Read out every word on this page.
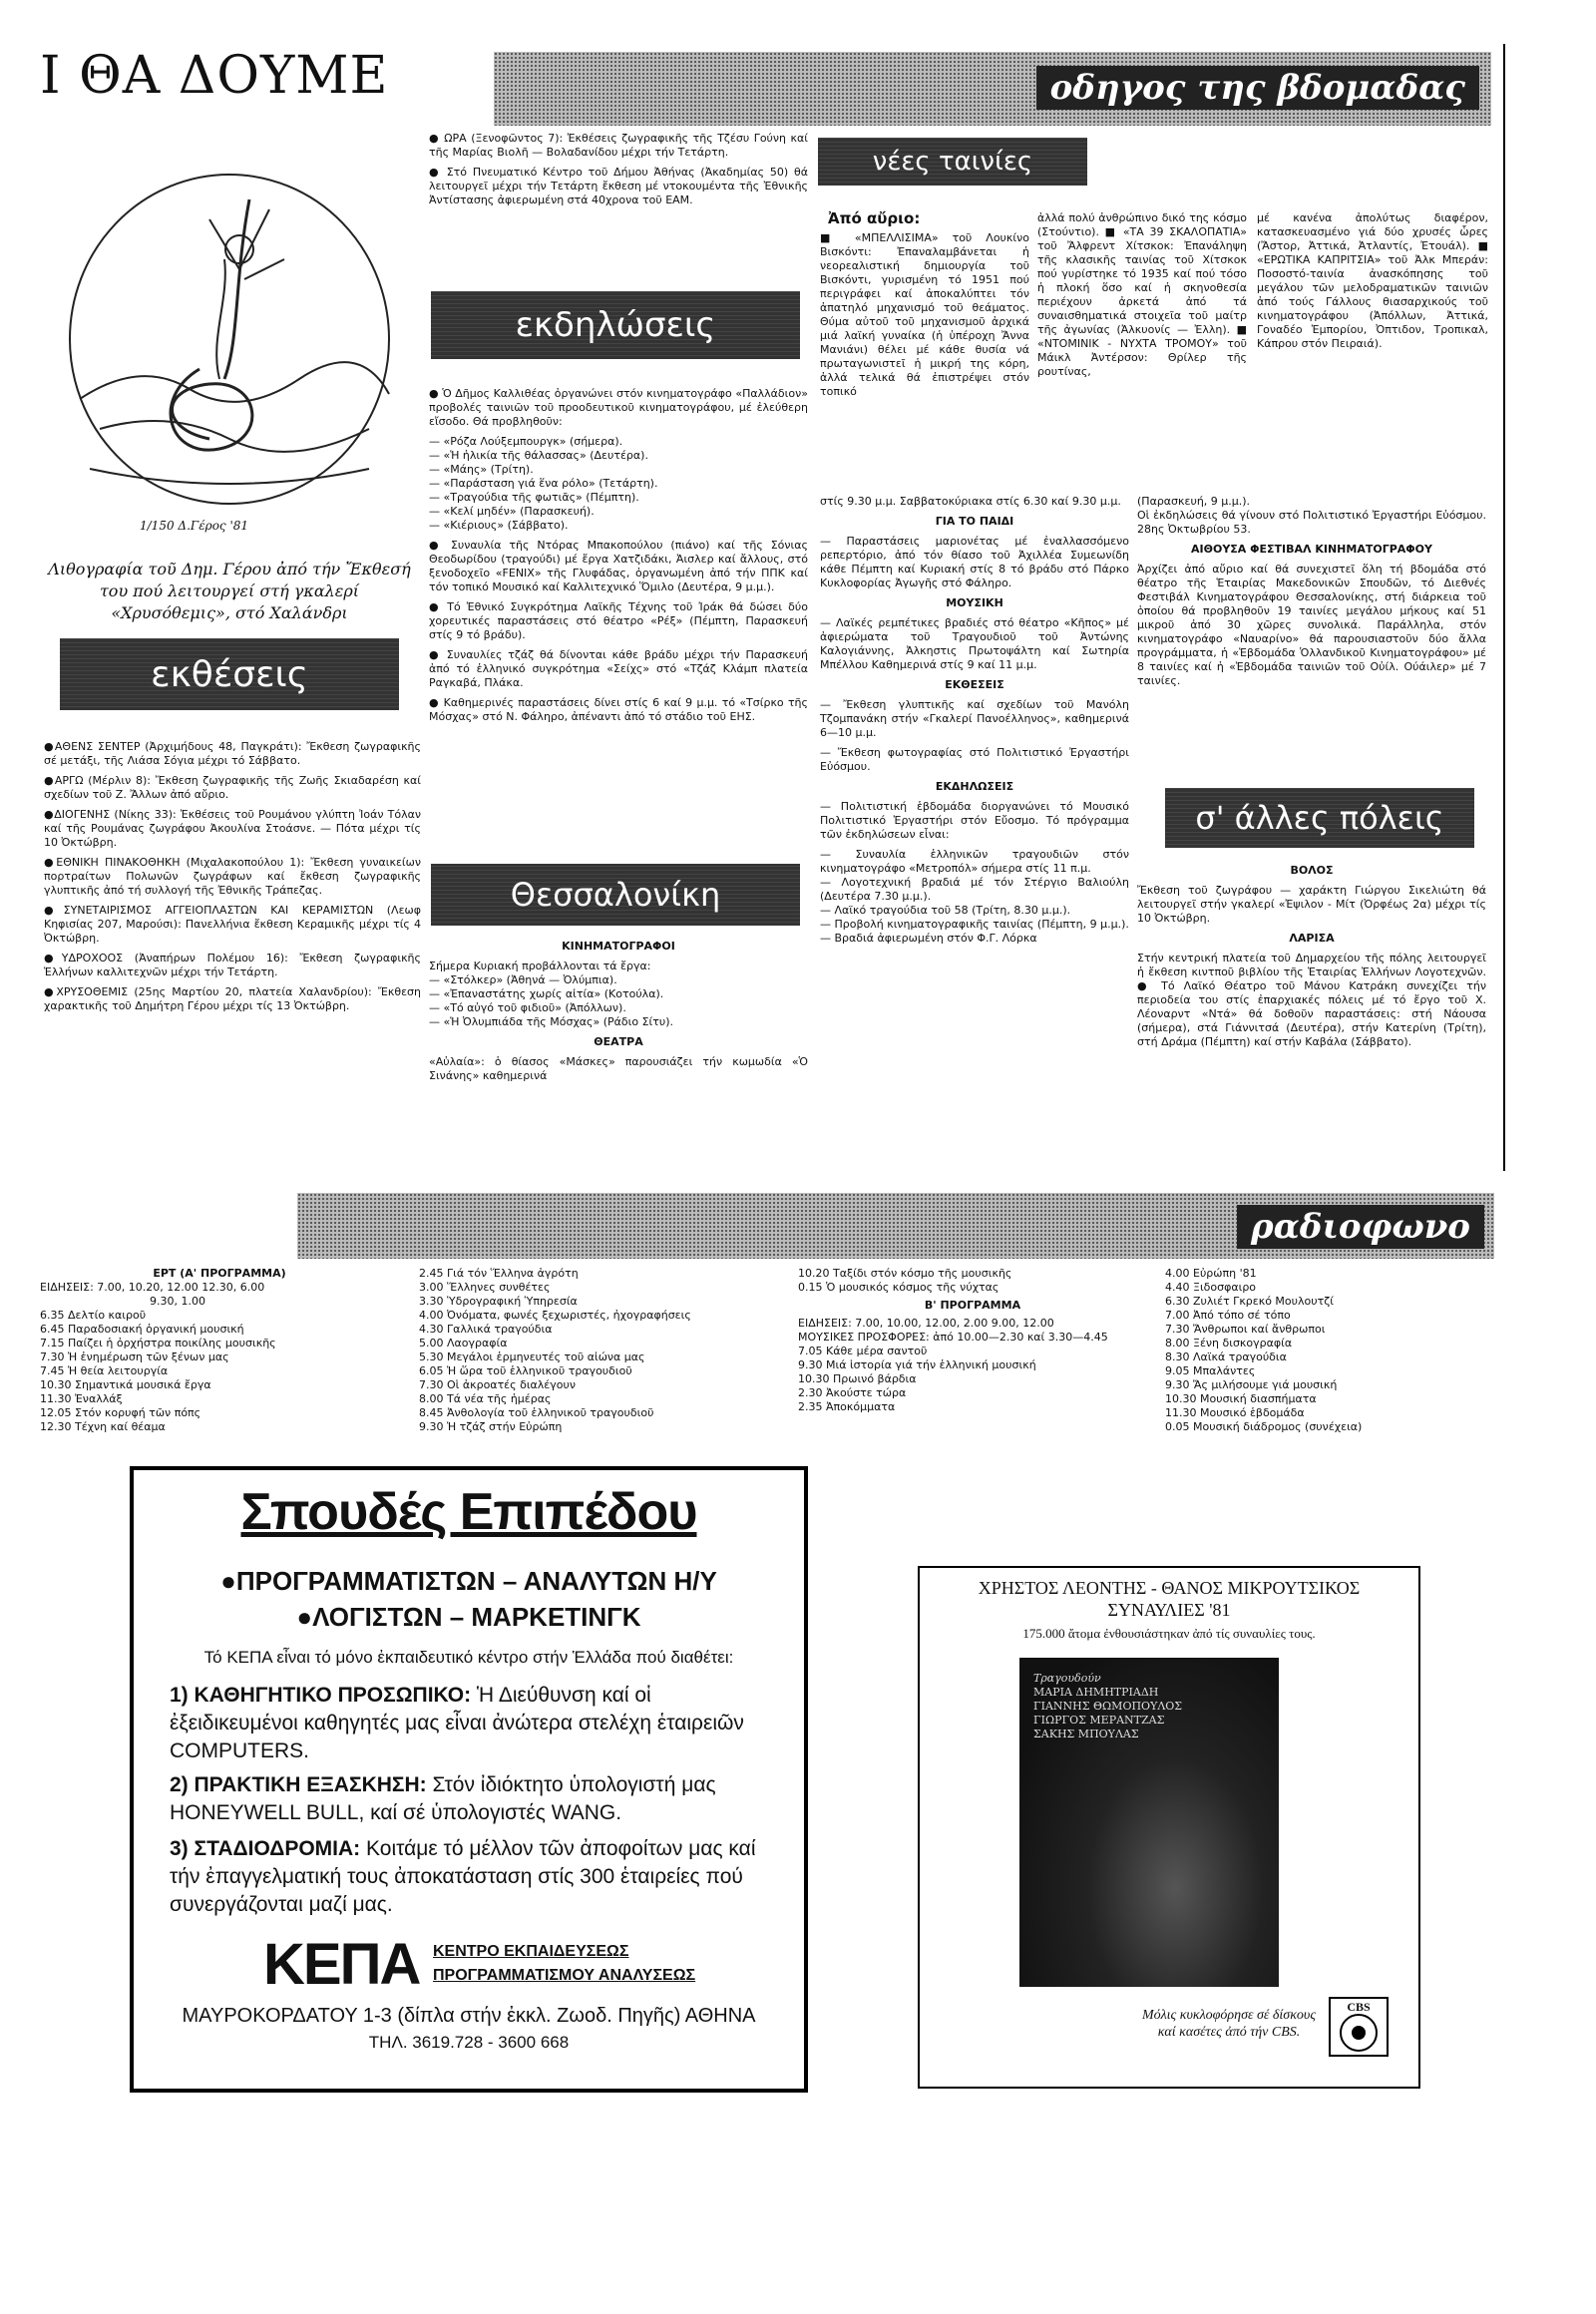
Ι ΘΑ ΔΟΥΜΕ	οδηγος της βδομαδας
1/150 Δ.Γέρος '81
Λιθογραφία τοῦ Δημ. Γέρου ἀπό τήν Ἔκθεσή του πού λειτουργεί στή γκαλερί «Χρυσόθεμις», στό Χαλάνδρι
εκθέσεις

● ΑΘΕΝΣ ΣΕΝΤΕΡ (Ἀρχιμήδους 48, Παγκράτι): Ἔκθεση ζωγραφικῆς σέ μετάξι, τῆς Λιάσα Σόγια μέχρι τό Σάββατο.

● ΑΡΓΩ (Μέρλιν 8): Ἔκθεση ζωγραφικῆς τῆς Ζωῆς Σκιαδαρέση καί σχεδίων τοῦ Ζ. Ἄλλων ἀπό αὔριο.

● ΔΙΟΓΕΝΗΣ (Νίκης 33): Ἐκθέσεις τοῦ Ρουμάνου γλύπτη Ἰοάν Τόλαν καί τῆς Ρουμάνας ζωγράφου Ἀκουλίνα Στοάσνε. — Πότα μέχρι τίς 10 Ὀκτώβρη.

● ΕΘΝΙΚΗ ΠΙΝΑΚΟΘΗΚΗ (Μιχαλακοπούλου 1): Ἔκθεση γυναικείων πορτραίτων Πολωνῶν ζωγράφων καί ἔκθεση ζωγραφικῆς γλυπτικῆς ἀπό τή συλλογή τῆς Ἐθνικῆς Τράπεζας.

● ΣΥΝΕΤΑΙΡΙΣΜΟΣ ΑΓΓΕΙΟΠΛΑΣΤΩΝ ΚΑΙ ΚΕΡΑΜΙΣΤΩΝ (Λεωφ Κηφισίας 207, Μαρούσι): Πανελλήνια ἔκθεση Κεραμικῆς μέχρι τίς 4 Ὀκτώβρη.

● ΥΔΡΟΧΟΟΣ (Ἀναπήρων Πολέμου 16): Ἔκθεση ζωγραφικῆς Ἑλλήνων καλλιτεχνῶν μέχρι τήν Τετάρτη.

● ΧΡΥΣΟΘΕΜΙΣ (25ης Μαρτίου 20, πλατεία Χαλανδρίου): Ἔκθεση χαρακτικῆς τοῦ Δημήτρη Γέρου μέχρι τίς 13 Ὀκτώβρη.

● ΩΡΑ (Ξενοφῶντος 7): Ἐκθέσεις ζωγραφικῆς τῆς Τζέσυ Γούνη καί τῆς Μαρίας Βιολῆ — Βολαδανίδου μέχρι τήν Τετάρτη.

● Στό Πνευματικό Κέντρο τοῦ Δήμου Ἀθήνας (Ἀκαδημίας 50) θά λειτουργεῖ μέχρι τήν Τετάρτη ἔκθεση μέ ντοκουμέντα τῆς Ἐθνικῆς Ἀντίστασης ἀφιερωμένη στά 40χρονα τοῦ ΕΑΜ.

εκδηλώσεις

● Ὁ Δῆμος Καλλιθέας ὀργανώνει στόν κινηματογράφο «Παλλάδιον» προβολές ταινιῶν τοῦ προοδευτικοῦ κινηματογράφου, μέ ἐλεύθερη εἴσοδο. Θά προβληθοῦν:

— «Ρόζα Λούξεμπουργκ» (σήμερα).

— «Ἡ ἡλικία τῆς θάλασσας» (Δευτέρα).

— «Μάης» (Τρίτη).

— «Παράσταση γιά ἕνα ρόλο» (Τετάρτη).

— «Τραγούδια τῆς φωτιᾶς» (Πέμπτη).

— «Κελί μηδέν» (Παρασκευή).

— «Κιέριους» (Σάββατο).

● Συναυλία τῆς Ντόρας Μπακοπούλου (πιάνο) καί τῆς Σόνιας Θεοδωρίδου (τραγούδι) μέ ἔργα Χατζιδάκι, Ἀισλερ καί ἄλλους, στό ξενοδοχεῖο «FENIX» τῆς Γλυφάδας, ὀργανωμένη ἀπό τήν ΠΠΚ καί τόν τοπικό Μουσικό καί Καλλιτεχνικό Ὅμιλο (Δευτέρα, 9 μ.μ.).

● Τό Ἐθνικό Συγκρότημα Λαϊκῆς Τέχνης τοῦ Ἰράκ θά δώσει δύο χορευτικές παραστάσεις στό θέατρο «Ρέξ» (Πέμπτη, Παρασκευή στίς 9 τό βράδυ).

● Συναυλίες τζάζ θά δίνονται κάθε βράδυ μέχρι τήν Παρασκευή ἀπό τό ἑλληνικό συγκρότημα «Σείχς» στό «Τζάζ Κλάμπ πλατεία Ραγκαβά, Πλάκα.

● Καθημερινές παραστάσεις δίνει στίς 6 καί 9 μ.μ. τό «Τσίρκο τῆς Μόσχας» στό Ν. Φάληρο, ἀπέναντι ἀπό τό στάδιο τοῦ ΕΗΣ.

Θεσσαλονίκη

ΚΙΝΗΜΑΤΟΓΡΑΦΟΙ

Σήμερα Κυριακή προβάλλονται τά ἔργα:

— «Στόλκερ» (Ἀθηνά — Ὀλύμπια).

— «Ἐπαναστάτης χωρίς αἰτία» (Κοτούλα).

— «Τό αὐγό τοῦ φιδιοῦ» (Ἀπόλλων).

— «Ἡ Ὀλυμπιάδα τῆς Μόσχας» (Ράδιο Σίτυ).

ΘΕΑΤΡΑ

«Αὐλαία»: ὁ θίασος «Μάσκες» παρουσιάζει τήν κωμωδία «Ὁ Σινάνης» καθημερινά

νέες ταινίες
Ἀπό αὔριο:
■ «ΜΠΕΛΛΙΣΙΜΑ» τοῦ Λουκίνο Βισκόντι: Ἐπαναλαμβάνεται ἡ νεορεαλιστική δημιουργία τοῦ Βισκόντι, γυρισμένη τό 1951 πού περιγράφει καί ἀποκαλύπτει τόν ἀπατηλό μηχανισμό τοῦ θεάματος. Θύμα αὐτοῦ τοῦ μηχανισμοῦ ἀρχικά μιά λαϊκή γυναίκα (ἡ ὑπέροχη Ἄννα Μανιάνι) θέλει μέ κάθε θυσία νά πρωταγωνιστεῖ ἡ μικρή της κόρη, ἀλλά τελικά θά ἐπιστρέψει στόν τοπικό
ἀλλά πολύ ἀνθρώπινο δικό της κόσμο (Στούντιο). ■ «ΤΑ 39 ΣΚΑΛΟΠΑΤΙΑ» τοῦ Ἄλφρεντ Χίτσκοκ: Ἐπανάληψη τῆς κλασικῆς ταινίας τοῦ Χίτσκοκ πού γυρίστηκε τό 1935 καί πού τόσο ἡ πλοκή ὅσο καί ἡ σκηνοθεσία περιέχουν ἀρκετά ἀπό τά συναισθηματικά στοιχεῖα τοῦ μαίτρ τῆς ἀγωνίας (Ἀλκυονίς — Ἐλλη). ■ «ΝΤΟΜΙΝΙΚ - ΝΥΧΤΑ ΤΡΟΜΟΥ» τοῦ Μάικλ Ἀντέρσον: Θρίλερ τῆς ρουτίνας,
μέ κανένα ἀπολύτως διαφέρον, κατασκευασμένο γιά δύο χρυσές ὧρες (Ἄστορ, Ἀττικά, Ἀτλαντίς, Ἐτουάλ). ■ «ΕΡΩΤΙΚΑ ΚΑΠΡΙΤΣΙΑ» τοῦ Ἀλκ Μπεράν: Ποσοστό-ταινία ἀνασκόπησης τοῦ μεγάλου τῶν μελοδραματικῶν ταινιῶν ἀπό τούς Γάλλους θιασαρχικούς τοῦ κινηματογράφου (Ἀπόλλων, Ἀττικά, Γοναδέο Ἐμπορίου, Ὀπτιδον, Τροπικαλ, Κάπρου στόν Πειραιά).

στίς 9.30 μ.μ. Σαββατοκύριακα στίς 6.30 καί 9.30 μ.μ.

ΓΙΑ ΤΟ ΠΑΙΔΙ

— Παραστάσεις μαριονέτας μέ ἐναλλασσόμενο ρεπερτόριο, ἀπό τόν θίασο τοῦ Ἀχιλλέα Συμεωνίδη κάθε Πέμπτη καί Κυριακή στίς 8 τό βράδυ στό Πάρκο Κυκλοφορίας Ἀγωγῆς στό Φάληρο.

ΜΟΥΣΙΚΗ

— Λαϊκές ρεμπέτικες βραδιές στό θέατρο «Κῆπος» μέ ἀφιερώματα τοῦ Τραγουδιοῦ τοῦ Ἀντώνης Καλογιάννης, Ἀλκηστις Πρωτοψάλτη καί Σωτηρία Μπέλλου Καθημερινά στίς 9 καί 11 μ.μ.

ΕΚΘΕΣΕΙΣ

— Ἔκθεση γλυπτικῆς καί σχεδίων τοῦ Μανόλη Τζομπανάκη στήν «Γκαλερί Πανοέλληνος», καθημερινά 6—10 μ.μ.

— Ἔκθεση φωτογραφίας στό Πολιτιστικό Ἐργαστήρι Εὐόσμου.

ΕΚΔΗΛΩΣΕΙΣ

— Πολιτιστική ἑβδομάδα διοργανώνει τό Μουσικό Πολιτιστικό Ἐργαστήρι στόν Εὔοσμο. Τό πρόγραμμα τῶν ἐκδηλώσεων εἶναι:

— Συναυλία ἑλληνικῶν τραγουδιῶν στόν κινηματογράφο «Μετροπόλ» σήμερα στίς 11 π.μ.

— Λογοτεχνική βραδιά μέ τόν Στέργιο Βαλιούλη (Δευτέρα 7.30 μ.μ.).

— Λαϊκό τραγούδια τοῦ 58 (Τρίτη, 8.30 μ.μ.).

— Προβολή κινηματογραφικῆς ταινίας (Πέμπτη, 9 μ.μ.).

— Βραδιά ἀφιερωμένη στόν Φ.Γ. Λόρκα

(Παρασκευή, 9 μ.μ.).

Οἱ ἐκδηλώσεις θά γίνουν στό Πολιτιστικό Ἐργαστήρι Εὐόσμου. 28ης Ὀκτωβρίου 53.

ΑΙΘΟΥΣΑ ΦΕΣΤΙΒΑΛ ΚΙΝΗΜΑΤΟΓΡΑΦΟΥ

Ἀρχίζει ἀπό αὔριο καί θά συνεχιστεῖ ὅλη τή βδομάδα στό θέατρο τῆς Ἑταιρίας Μακεδονικῶν Σπουδῶν, τό Διεθνές Φεστιβάλ Κινηματογράφου Θεσσαλονίκης, στή διάρκεια τοῦ ὁποίου θά προβληθοῦν 19 ταινίες μεγάλου μήκους καί 51 μικροῦ ἀπό 30 χῶρες συνολικά. Παράλληλα, στόν κινηματογράφο «Ναυαρίνο» θά παρουσιαστοῦν δύο ἄλλα προγράμματα, ἡ «Ἑβδομάδα Ὁλλανδικοῦ Κινηματογράφου» μέ 8 ταινίες καί ἡ «Ἑβδομάδα ταινιῶν τοῦ Οὐίλ. Ούάιλερ» μέ 7 ταινίες.

σ' άλλες πόλεις

ΒΟΛΟΣ

Ἔκθεση τοῦ ζωγράφου — χαράκτη Γιώργου Σικελιώτη θά λειτουργεῖ στήν γκαλερί «Ἐψιλον - Μίτ (Ὀρφέως 2α) μέχρι τίς 10 Ὀκτώβρη.

ΛΑΡΙΣΑ

Στήν κεντρική πλατεία τοῦ Δημαρχείου τῆς πόλης λειτουργεῖ ἡ ἔκθεση κιντποῦ βιβλίου τῆς Ἑταιρίας Ἑλλήνων Λογοτεχνῶν. ● Τό Λαϊκό Θέατρο τοῦ Μάνου Κατράκη συνεχίζει τήν περιοδεία του στίς ἐπαρχιακές πόλεις μέ τό ἔργο τοῦ Χ. Λέοναρντ «Ντά» θά δοθοῦν παραστάσεις: στή Νάουσα (σήμερα), στά Γιάννιτσά (Δευτέρα), στήν Κατερίνη (Τρίτη), στή Δράμα (Πέμπτη) καί στήν Καβάλα (Σάββατο).

ραδιοφωνο
ΕΡΤ (Α' ΠΡΟΓΡΑΜΜΑ)
ΕΙΔΗΣΕΙΣ: 7.00, 10.20, 12.00 12.30, 6.00
9.30, 1.00
6.35 Δελτίο καιροῦ
6.45 Παραδοσιακή ὀργανική μουσική
7.15 Παίζει ἡ ὀρχήστρα ποικίλης μουσικῆς
7.30 Ἡ ἐνημέρωση τῶν ξένων μας
7.45 Ἡ θεία λειτουργία
10.30 Σημαντικά μουσικά ἔργα
11.30 Ἐναλλάξ
12.05 Στόν κορυφή τῶν πόπς
12.30 Τέχνη καί θέαμα
2.45 Γιά τόν Ἕλληνα ἀγρότη
3.00 Ἕλληνες συνθέτες
3.30 Ὑδρογραφική Ὑπηρεσία
4.00 Ὀνόματα, φωνές ξεχωριστές, ἠχογραφήσεις
4.30 Γαλλικά τραγούδια
5.00 Λαογραφία
5.30 Μεγάλοι ἑρμηνευτές τοῦ αἰώνα μας
6.05 Ἡ ὥρα τοῦ ἑλληνικοῦ τραγουδιοῦ
7.30 Οἱ ἀκροατές διαλέγουν
8.00 Τά νέα τῆς ἡμέρας
8.45 Ἀνθολογία τοῦ ἑλληνικοῦ τραγουδιοῦ
9.30 Ἡ τζάζ στήν Εὐρώπη
10.20 Ταξίδι στόν κόσμο τῆς μουσικῆς
0.15 Ὁ μουσικός κόσμος τῆς νύχτας
Β' ΠΡΟΓΡΑΜΜΑ
ΕΙΔΗΣΕΙΣ: 7.00, 10.00, 12.00, 2.00 9.00, 12.00
ΜΟΥΣΙΚΕΣ ΠΡΟΣΦΟΡΕΣ: ἀπό 10.00—2.30 καί 3.30—4.45
7.05 Κάθε μέρα σαντοῦ
9.30 Μιά ἱστορία γιά τήν ἑλληνική μουσική
10.30 Πρωινό βάρδια
2.30 Ἀκούστε τώρα
2.35 Ἀποκόμματα
4.00 Εὐρώπη '81
4.40 Ξιδοσφαιρο
6.30 Ζυλιέτ Γκρεκό Μουλουτζί
7.00 Ἀπό τόπο σέ τόπο
7.30 Ἄνθρωποι καί ἄνθρωποι
8.00 Ξένη δισκογραφία
8.30 Λαϊκά τραγούδια
9.05 Μπαλάντες
9.30 Ἄς μιλήσουμε γιά μουσική
10.30 Μουσική διασπήματα
11.30 Μουσικό ἑβδομάδα
0.05 Μουσική διάδρομος (συνέχεια)
Σπουδές Επιπέδου
●ΠΡΟΓΡΑΜΜΑΤΙΣΤΩΝ – ΑΝΑΛΥΤΩΝ Η/Υ
●ΛΟΓΙΣΤΩΝ – ΜΑΡΚΕΤΙΝΓΚ
Τό ΚΕΠΑ εἶναι τό μόνο ἐκπαιδευτικό κέντρο στήν Ἑλλάδα πού διαθέτει:
1) ΚΑΘΗΓΗΤΙΚΟ ΠΡΟΣΩΠΙΚΟ: Ἡ Διεύθυνση καί οἱ ἐξειδικευμένοι καθηγητές μας εἶναι ἀνώτερα στελέχη ἑταιρειῶν COMPUTERS.
2) ΠΡΑΚΤΙΚΗ ΕΞΑΣΚΗΣΗ: Στόν ἰδιόκτητο ὑπολογιστή μας HONEYWELL BULL, καί σέ ὑπολογιστές WANG.
3) ΣΤΑΔΙΟΔΡΟΜΙΑ: Κοιτάμε τό μέλλον τῶν ἀποφοίτων μας καί τήν ἐπαγγελματική τους ἀποκατάσταση στίς 300 ἑταιρείες πού συνεργάζονται μαζί μας.
ΚΕΠΑ ΚΕΝΤΡΟ ΕΚΠΑΙΔΕΥΣΕΩΣ
ΠΡΟΓΡΑΜΜΑΤΙΣΜΟΥ ΑΝΑΛΥΣΕΩΣ
ΜΑΥΡΟΚΟΡΔΑΤΟΥ 1-3 (δίπλα στήν ἐκκλ. Ζωοδ. Πηγῆς) ΑΘΗΝΑ
ΤΗΛ. 3619.728 - 3600 668
ΧΡΗΣΤΟΣ ΛΕΟΝΤΗΣ - ΘΑΝΟΣ ΜΙΚΡΟΥΤΣΙΚΟΣ
ΣΥΝΑΥΛΙΕΣ '81
175.000 ἄτομα ἐνθουσιάστηκαν ἀπό τίς συναυλίες τους.
Τραγουδούν
ΜΑΡΙΑ ΔΗΜΗΤΡΙΑΔΗ
ΓΙΑΝΝΗΣ ΘΩΜΟΠΟΥΛΟΣ
ΓΙΩΡΓΟΣ ΜΕΡΑΝΤΖΑΣ
ΣΑΚΗΣ ΜΠΟΥΛΑΣ
Μόλις κυκλοφόρησε σέ δίσκους καί κασέτες ἀπό τήν CBS.
CBS
